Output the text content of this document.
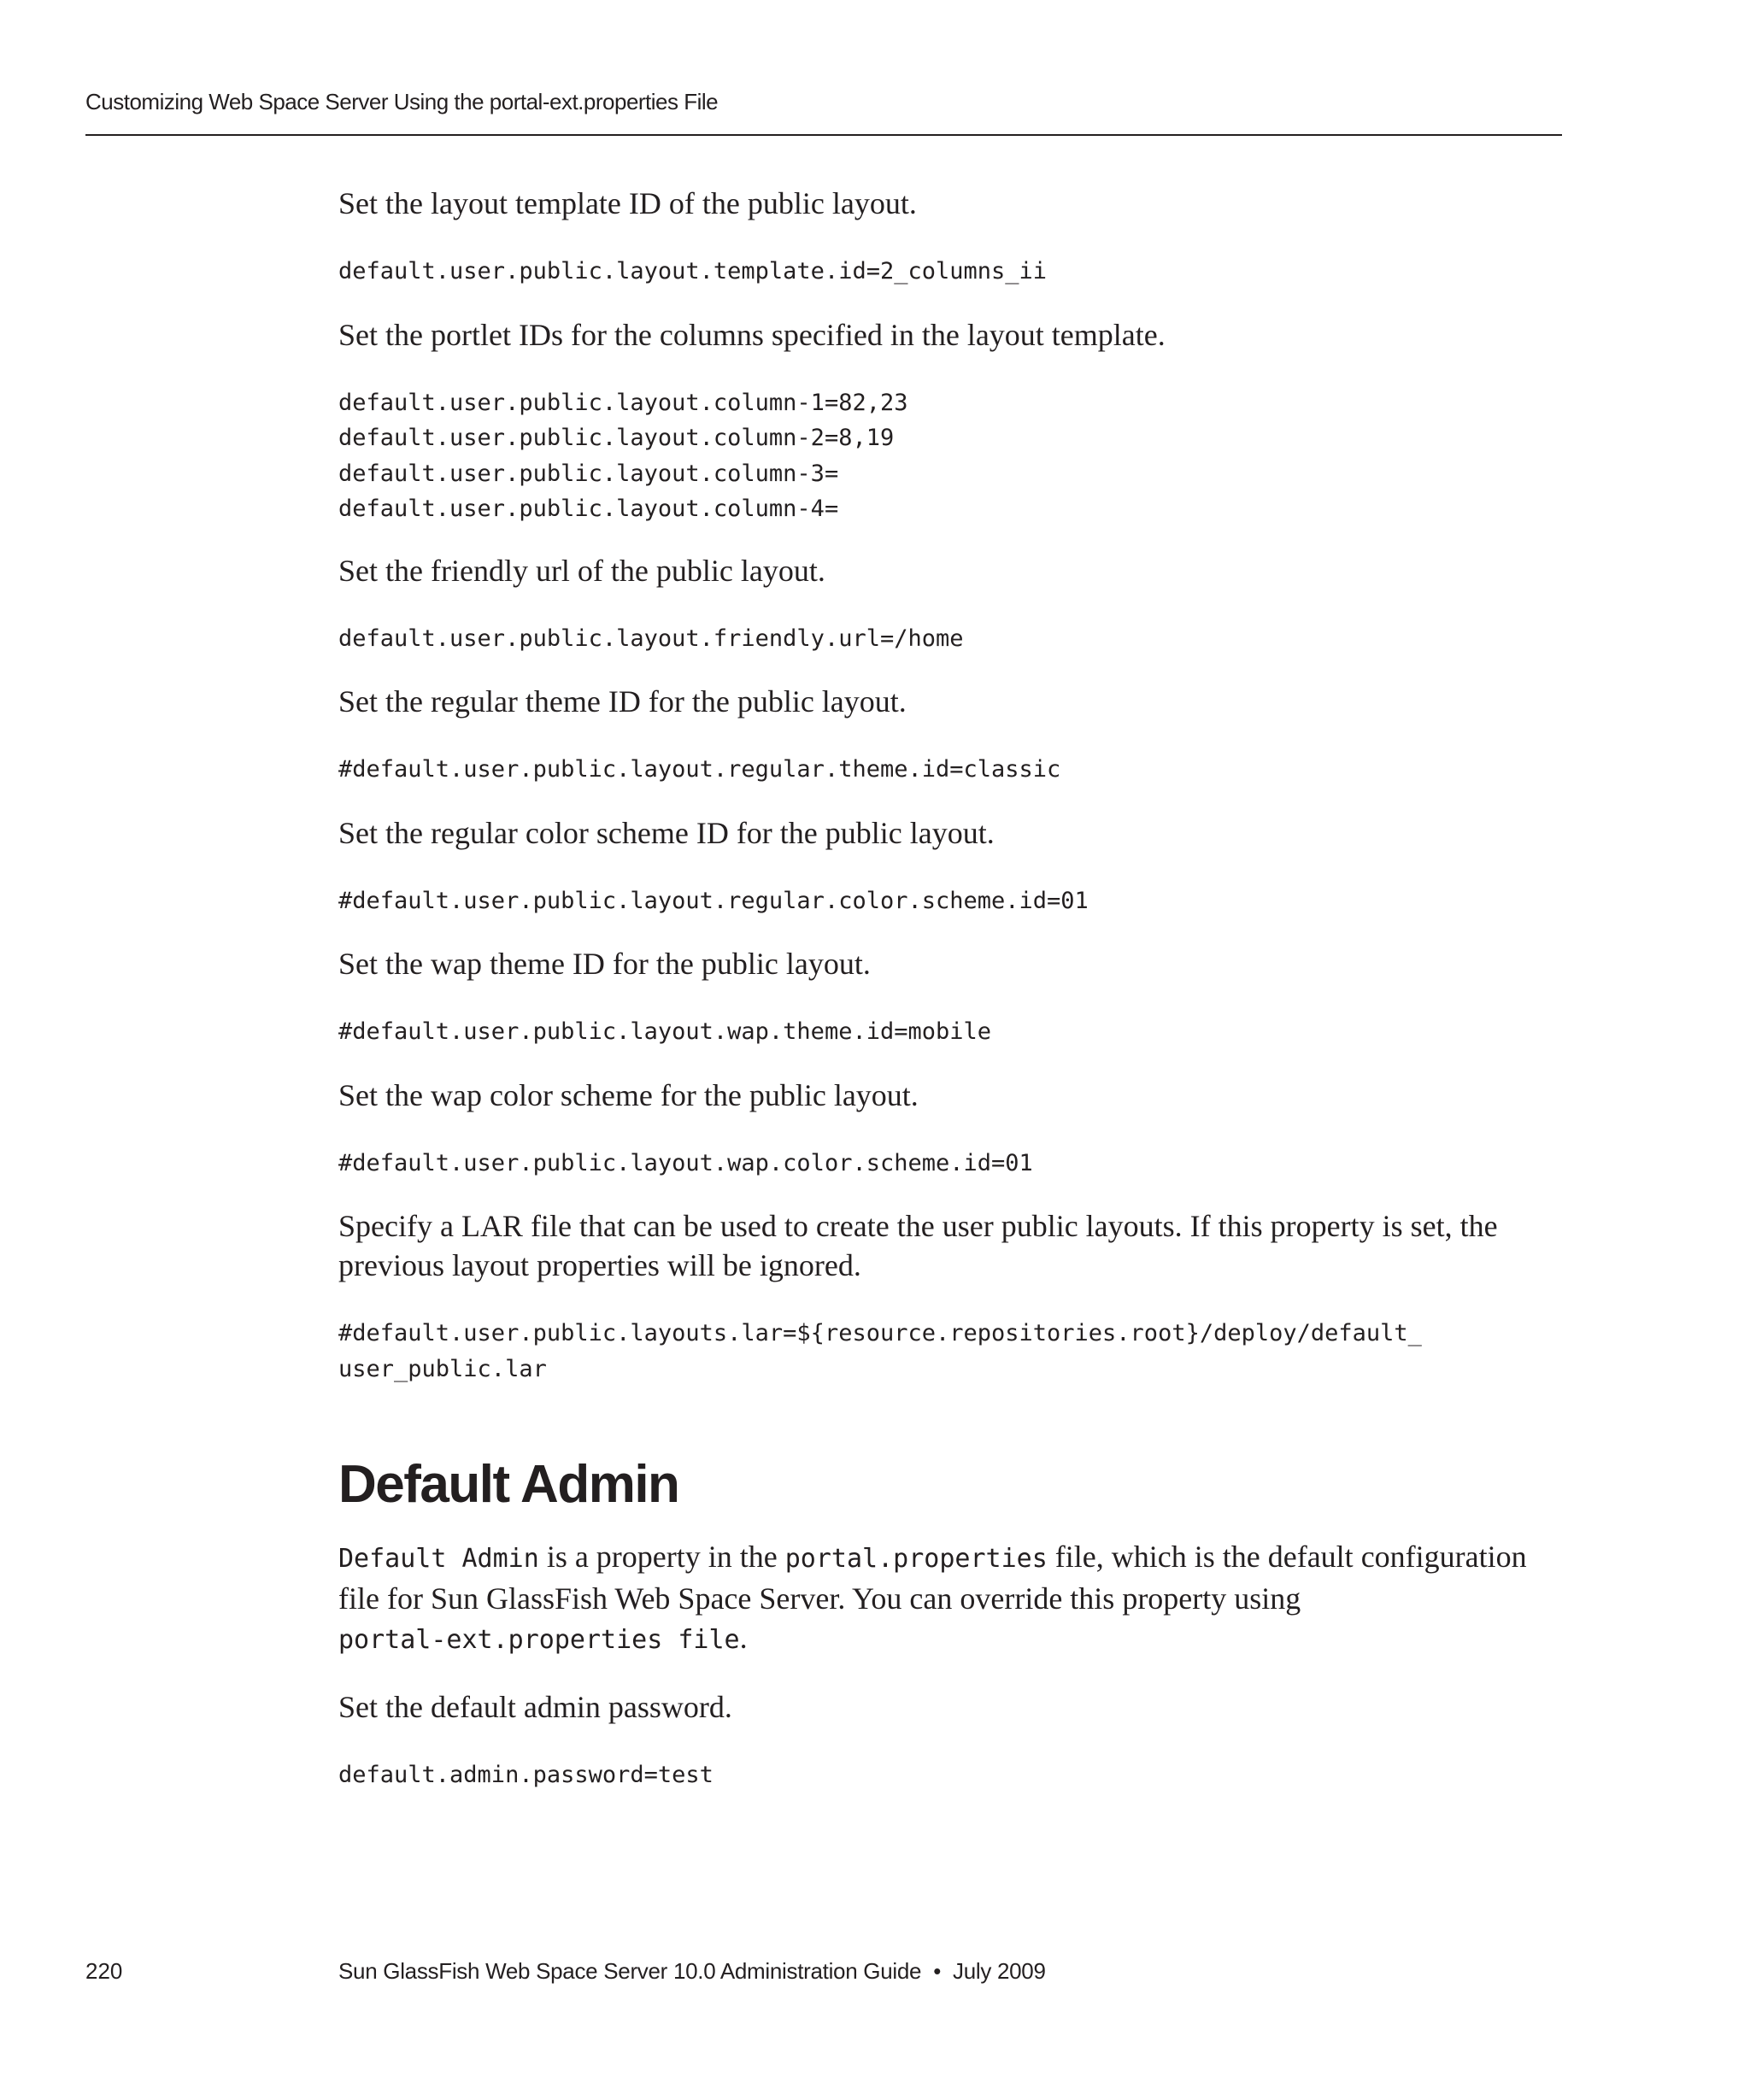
Customizing Web Space Server Using the portal-ext.properties File

Set the layout template ID of the public layout.

default.user.public.layout.template.id=2_columns_ii

Set the portlet IDs for the columns specified in the layout template.

default.user.public.layout.column-1=82,23
default.user.public.layout.column-2=8,19
default.user.public.layout.column-3=
default.user.public.layout.column-4=

Set the friendly url of the public layout.

default.user.public.layout.friendly.url=/home

Set the regular theme ID for the public layout.

#default.user.public.layout.regular.theme.id=classic

Set the regular color scheme ID for the public layout.

#default.user.public.layout.regular.color.scheme.id=01

Set the wap theme ID for the public layout.

#default.user.public.layout.wap.theme.id=mobile

Set the wap color scheme for the public layout.

#default.user.public.layout.wap.color.scheme.id=01

Specify a LAR file that can be used to create the user public layouts. If this property is set, the

previous layout properties will be ignored.

#default.user.public.layouts.lar=${resource.repositories.root}/deploy/default_
user_public.lar
Default Admin

Default Admin is a property in the portal.properties file, which is the default configuration
file for Sun GlassFish Web Space Server. You can override this property using
portal-ext.properties file.

Set the default admin password.

default.admin.password=test
220	Sun GlassFish Web Space Server 10.0 Administration Guide • July 2009
